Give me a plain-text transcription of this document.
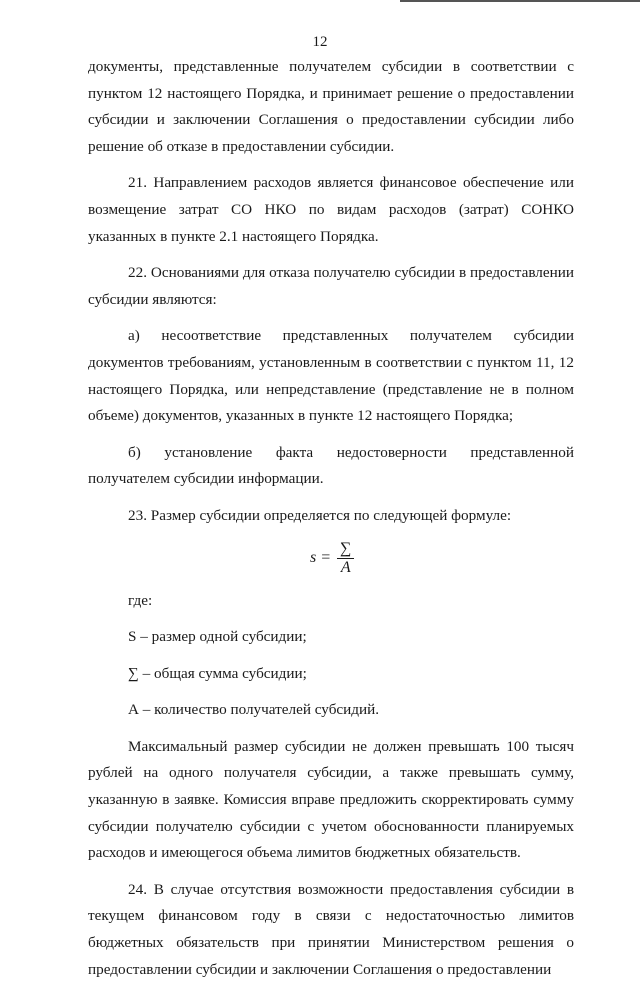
12

документы, представленные получателем субсидии в соответствии с пунктом 12 настоящего Порядка, и принимает решение о предоставлении субсидии и заключении Соглашения о предоставлении субсидии либо решение об отказе в предоставлении субсидии.

21. Направлением расходов является финансовое обеспечение или возмещение затрат СО НКО по видам расходов (затрат) СОНКО указанных в пункте 2.1 настоящего Порядка.

22. Основаниями для отказа получателю субсидии в предоставлении субсидии являются:

а) несоответствие представленных получателем субсидии документов требованиям, установленным в соответствии с пунктом 11, 12 настоящего Порядка, или непредставление (представление не в полном объеме) документов, указанных в пункте 12 настоящего Порядка;

б) установление факта недостоверности представленной получателем субсидии информации.

23. Размер субсидии определяется по следующей формуле:

$s = \frac{\sum}{A}$

где:

S – размер одной субсидии;

∑ – общая сумма субсидии;

А – количество получателей субсидий.

Максимальный размер субсидии не должен превышать 100 тысяч рублей на одного получателя субсидии, а также превышать сумму, указанную в заявке. Комиссия вправе предложить скорректировать сумму субсидии получателю субсидии с учетом обоснованности планируемых расходов и имеющегося объема лимитов бюджетных обязательств.

24. В случае отсутствия возможности предоставления субсидии в текущем финансовом году в связи с недостаточностью лимитов бюджетных обязательств при принятии Министерством решения о предоставлении субсидии и заключении Соглашения о предоставлении
